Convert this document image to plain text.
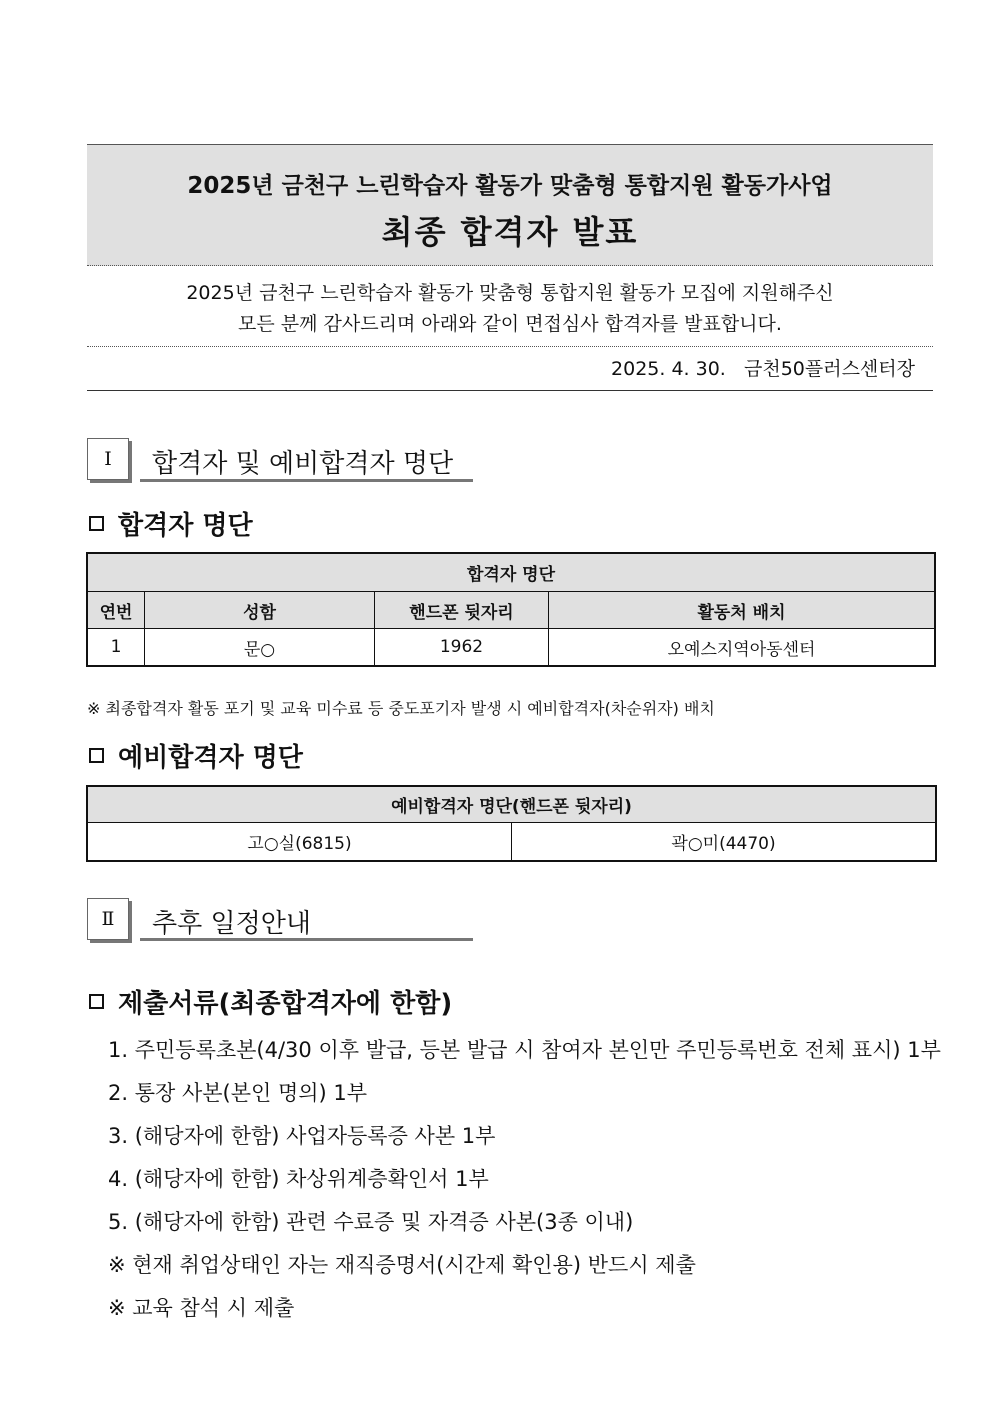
2025년 금천구 느린학습자 활동가 맞춤형 통합지원 활동가사업
최종 합격자 발표
2025년 금천구 느린학습자 활동가 맞춤형 통합지원 활동가 모집에 지원해주신
모든 분께 감사드리며 아래와 같이 면접심사 합격자를 발표합니다.
2025. 4. 30. 금천50플러스센터장
Ⅰ	합격자 및 예비합격자 명단
합격자 명단
합격자 명단			
연번	성함	핸드폰 뒷자리	활동처 배치
1	문○	1962	오예스지역아동센터
※ 최종합격자 활동 포기 및 교육 미수료 등 중도포기자 발생 시 예비합격자(차순위자) 배치
예비합격자 명단
예비합격자 명단(핸드폰 뒷자리)
고○실(6815)	곽○미(4470)
Ⅱ	추후 일정안내
제출서류(최종합격자에 한함)
1. 주민등록초본(4/30 이후 발급, 등본 발급 시 참여자 본인만 주민등록번호 전체 표시) 1부
2. 통장 사본(본인 명의) 1부
3. (해당자에 한함) 사업자등록증 사본 1부
4. (해당자에 한함) 차상위계층확인서 1부
5. (해당자에 한함) 관련 수료증 및 자격증 사본(3종 이내)
※ 현재 취업상태인 자는 재직증명서(시간제 확인용) 반드시 제출
※ 교육 참석 시 제출
